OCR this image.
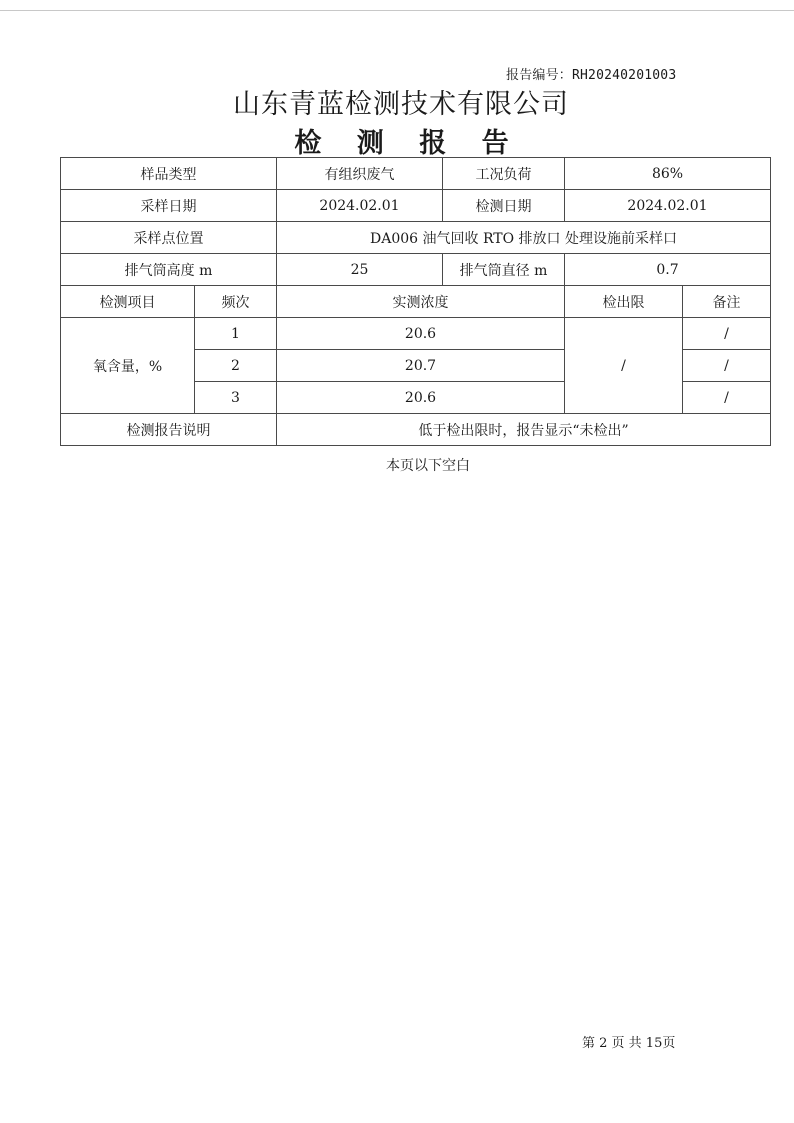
报告编号：RH20240201003
山东青蓝检测技术有限公司
检 测 报 告
样品类型		有组织废气	工况负荷	86%	
采样日期		2024.02.01	检测日期	2024.02.01	
采样点位置		DA006 油气回收 RTO 排放口 处理设施前采样口			
排气筒高度 m		25	排气筒直径 m	0.7	
检测项目	频次	实测浓度		检出限	备注
氧含量，%	1	20.6		/	/
	2	20.7			/
	3	20.6			/
检测报告说明		低于检出限时，报告显示“未检出”			
本页以下空白
第 2 页 共 15页
